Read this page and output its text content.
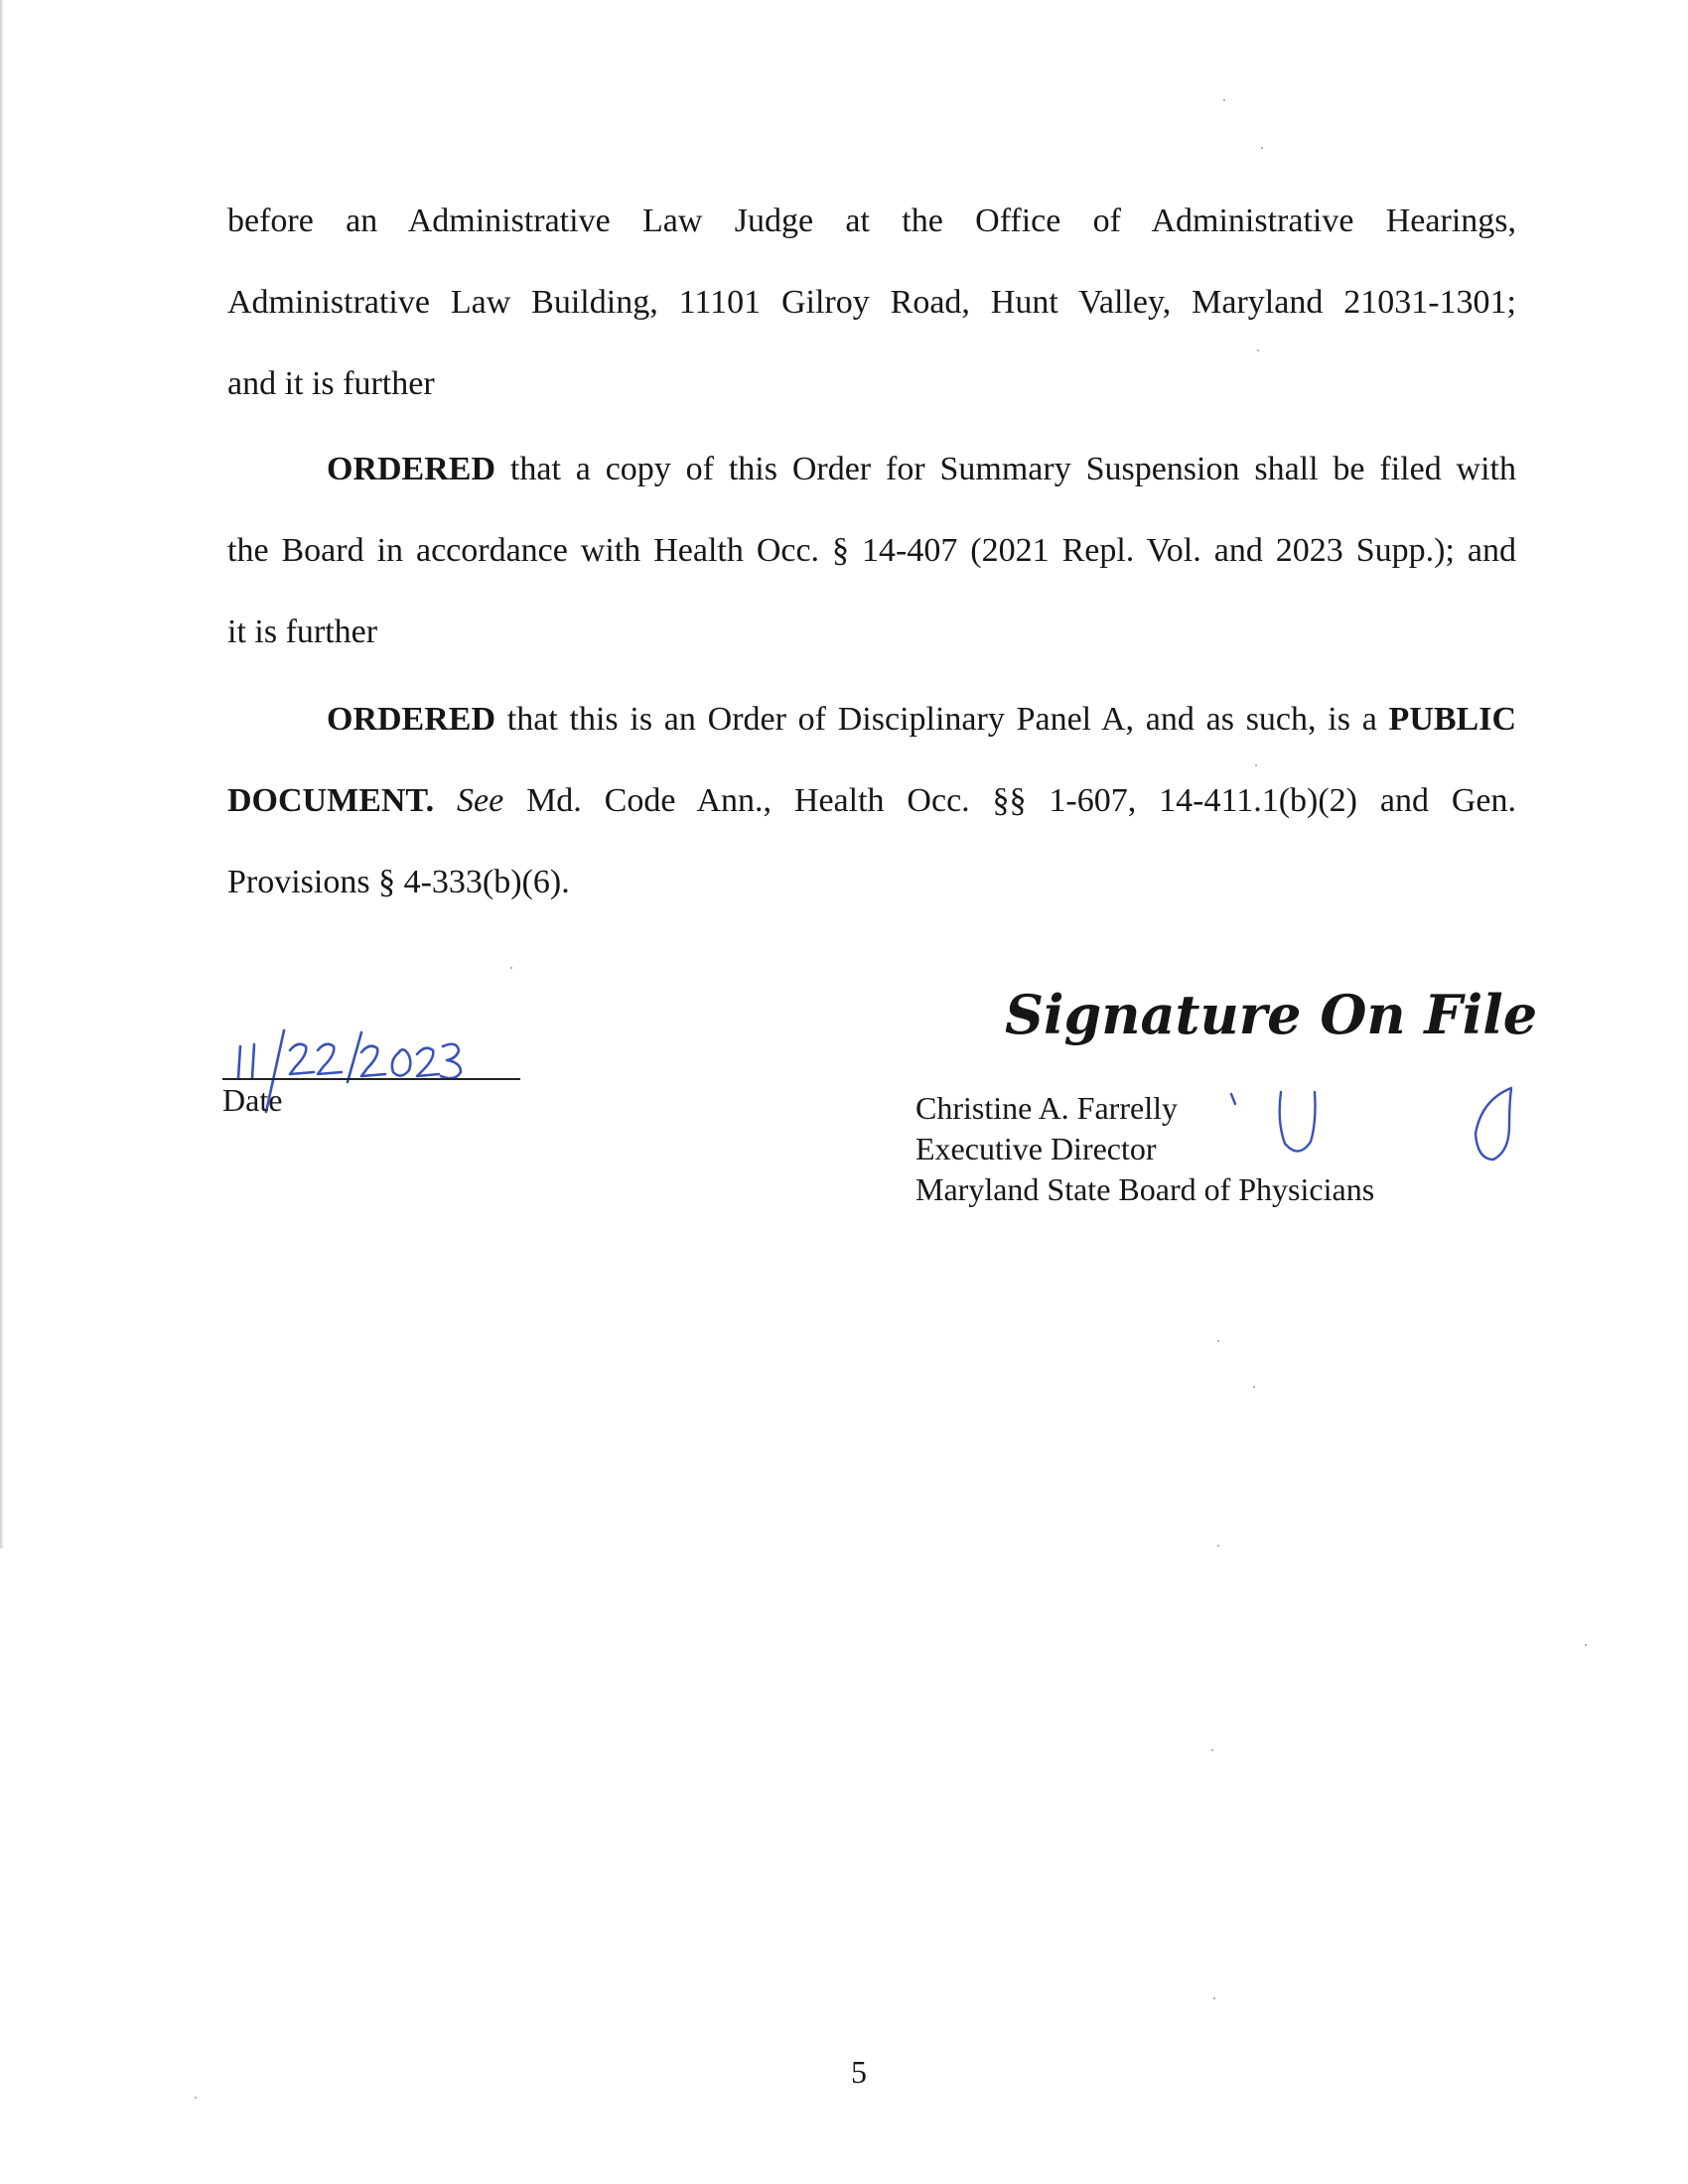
before an Administrative Law Judge at the Office of Administrative Hearings,
Administrative Law Building, 11101 Gilroy Road, Hunt Valley, Maryland 21031-1301;
and it is further

ORDERED that a copy of this Order for Summary Suspension shall be filed with
the Board in accordance with Health Occ. § 14-407 (2021 Repl. Vol. and 2023 Supp.); and
it is further

ORDERED that this is an Order of Disciplinary Panel A, and as such, is a PUBLIC
DOCUMENT. See Md. Code Ann., Health Occ. §§ 1-607, 14-411.1(b)(2) and Gen.
Provisions § 4-333(b)(6).

Date
Signature On File
Christine A. Farrelly
Executive Director
Maryland State Board of Physicians
5
